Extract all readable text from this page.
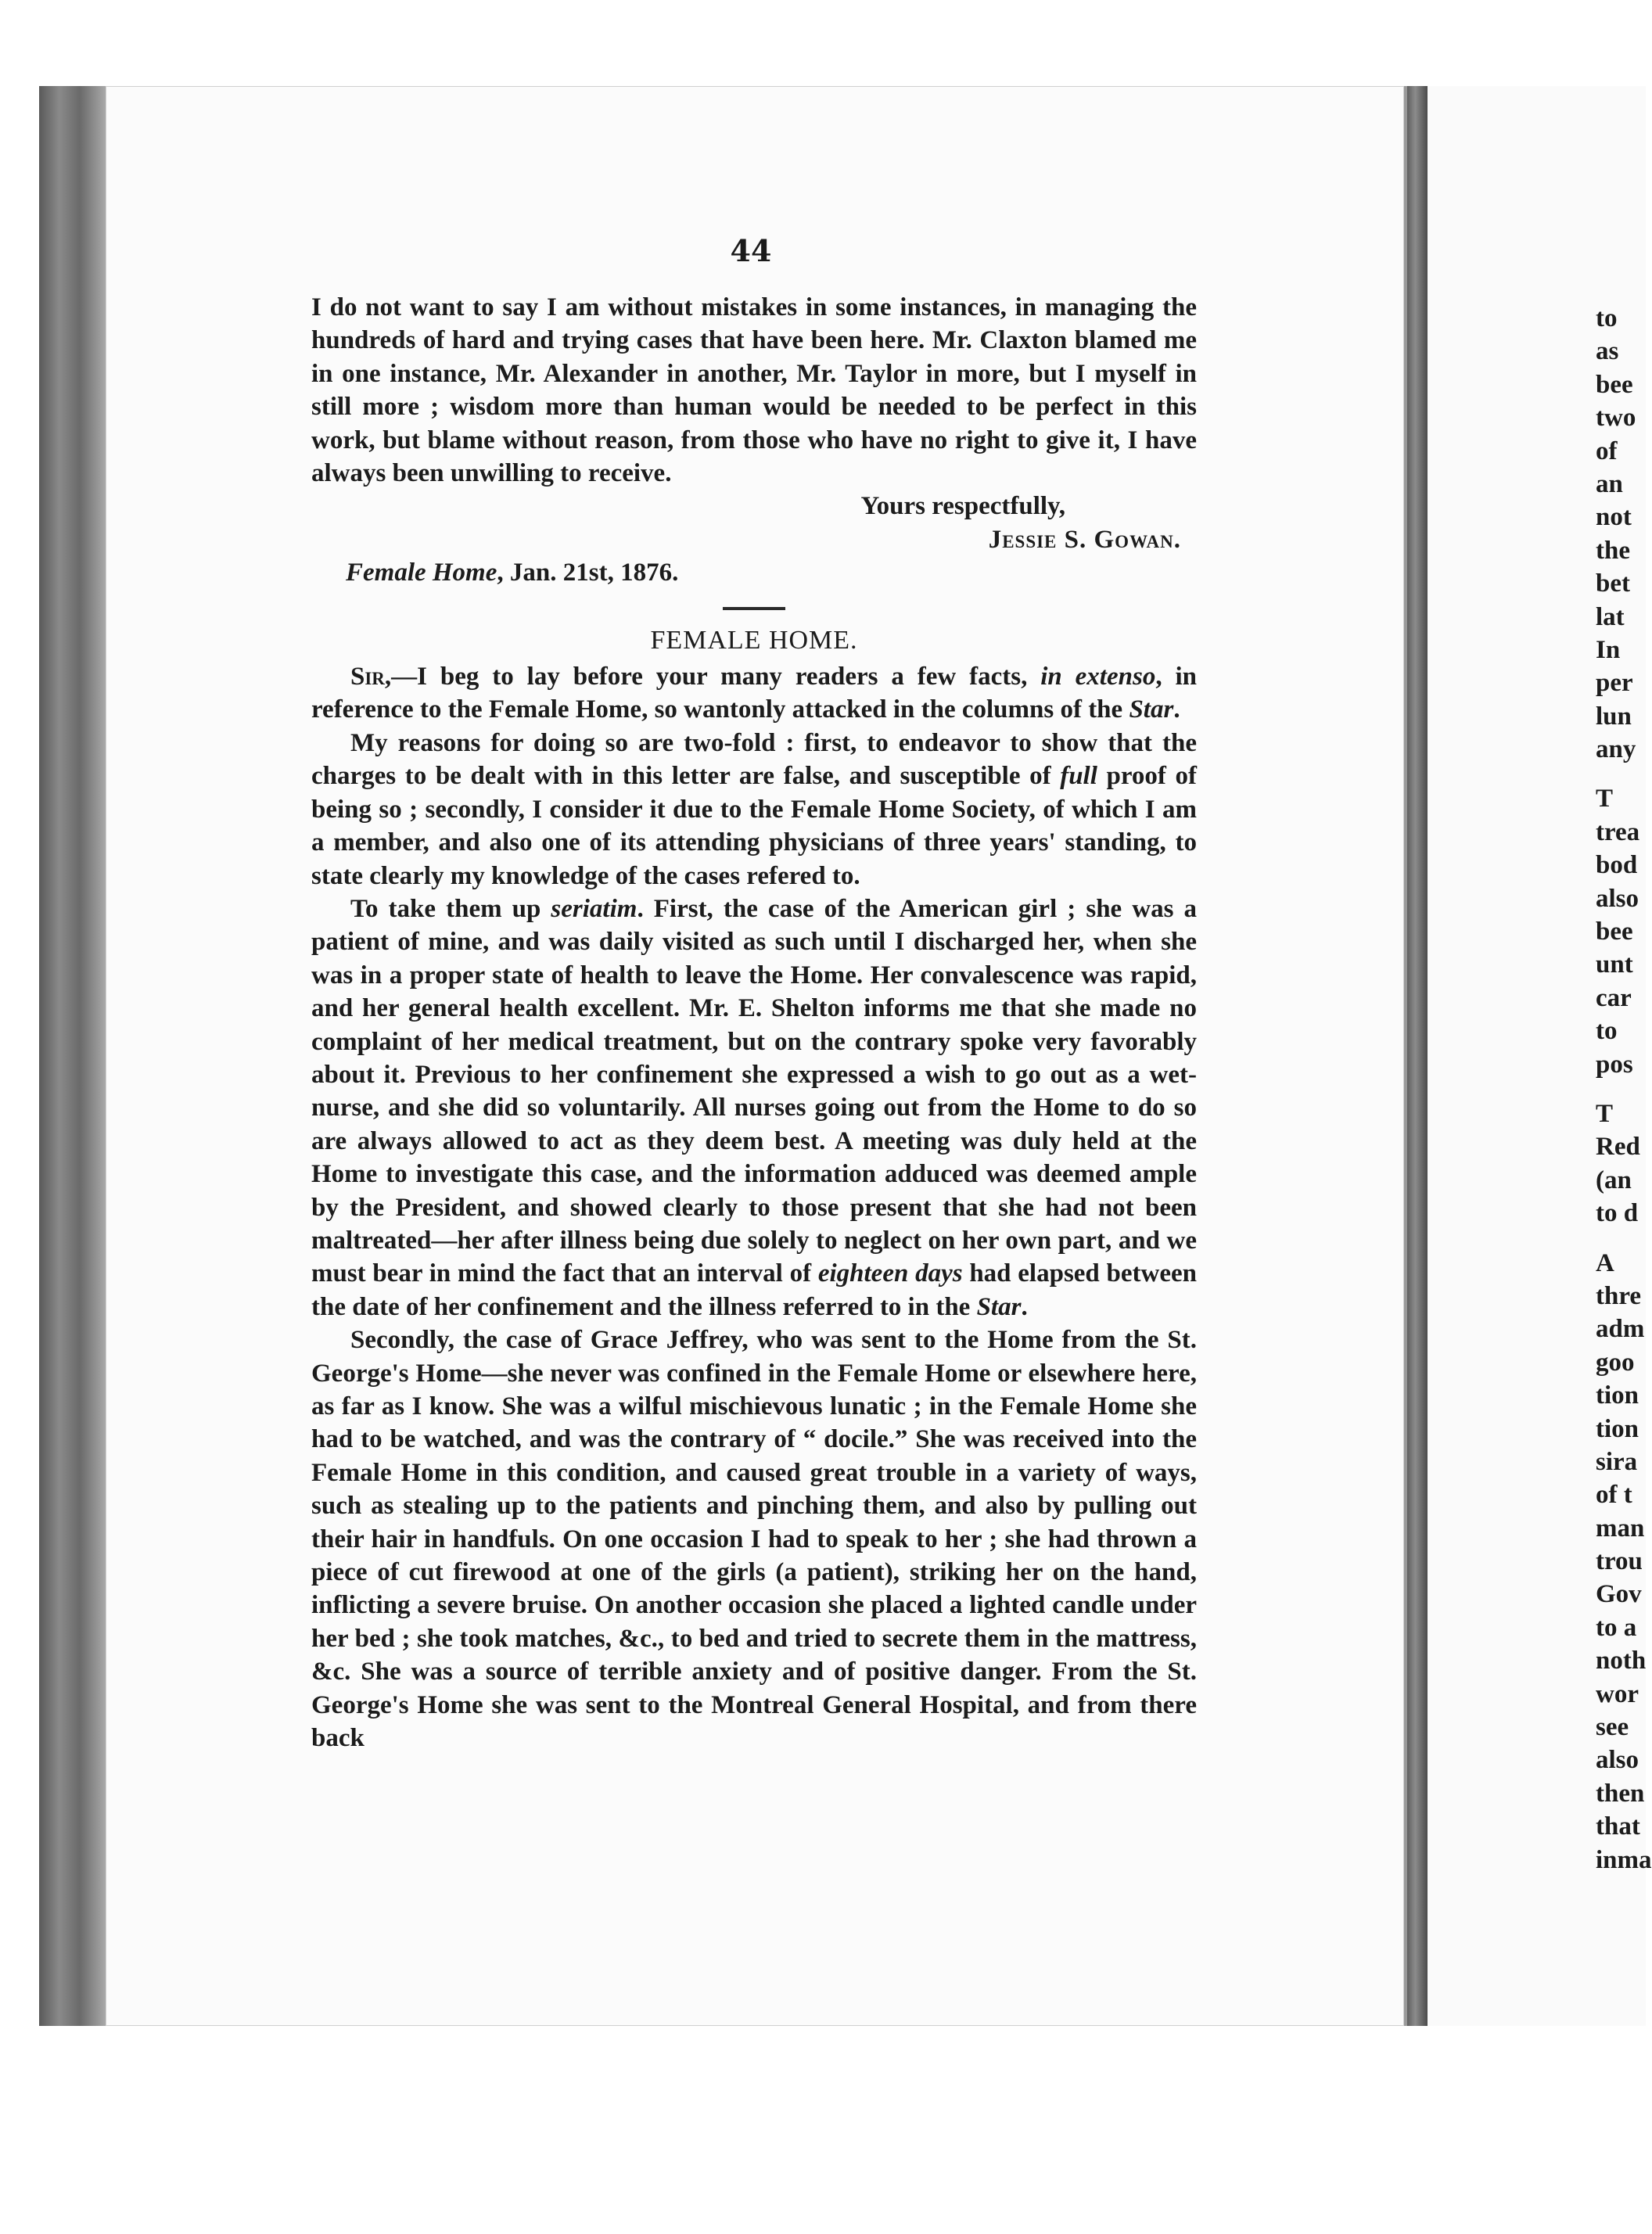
44

I do not want to say I am without mistakes in some instances, in managing the hundreds of hard and trying cases that have been here. Mr. Claxton blamed me in one instance, Mr. Alexander in another, Mr. Taylor in more, but I myself in still more ; wisdom more than human would be needed to be perfect in this work, but blame without reason, from those who have no right to give it, I have always been unwilling to receive.

Yours respectfully,

Jessie S. Gowan.

Female Home, Jan. 21st, 1876.

FEMALE HOME.

Sir,—I beg to lay before your many readers a few facts, in extenso, in reference to the Female Home, so wantonly attacked in the columns of the Star.

My reasons for doing so are two-fold : first, to endeavor to show that the charges to be dealt with in this letter are false, and susceptible of full proof of being so ; secondly, I consider it due to the Female Home Society, of which I am a member, and also one of its attending physicians of three years' standing, to state clearly my knowledge of the cases refered to.

To take them up seriatim. First, the case of the American girl ; she was a patient of mine, and was daily visited as such until I discharged her, when she was in a proper state of health to leave the Home. Her convalescence was rapid, and her general health excellent. Mr. E. Shelton informs me that she made no complaint of her medical treatment, but on the contrary spoke very favorably about it. Previous to her confinement she expressed a wish to go out as a wet-nurse, and she did so voluntarily. All nurses going out from the Home to do so are always allowed to act as they deem best. A meeting was duly held at the Home to investigate this case, and the information adduced was deemed ample by the President, and showed clearly to those present that she had not been maltreated—her after illness being due solely to neglect on her own part, and we must bear in mind the fact that an interval of eighteen days had elapsed between the date of her confinement and the illness referred to in the Star.

Secondly, the case of Grace Jeffrey, who was sent to the Home from the St. George's Home—she never was confined in the Female Home or elsewhere here, as far as I know. She was a wilful mischievous lunatic ; in the Female Home she had to be watched, and was the contrary of “ docile.” She was received into the Female Home in this condition, and caused great trouble in a variety of ways, such as stealing up to the patients and pinching them, and also by pulling out their hair in handfuls. On one occasion I had to speak to her ; she had thrown a piece of cut firewood at one of the girls (a patient), striking her on the hand, inflicting a severe bruise. On another occasion she placed a lighted candle under her bed ; she took matches, &c., to bed and tried to secrete them in the mattress, &c. She was a source of terrible anxiety and of positive danger. From the St. George's Home she was sent to the Montreal General Hospital, and from there back

to
as
bee
two
of
an
not
the
bet
lat
In
per
lun
any
T
trea
bod
also
bee
unt
car
to
pos
T
Red
(an
to d
A
thre
adm
goo
tion
tion
sira
of t
man
trou
Gov
to a
noth
wor
see
also
then
that
inma
